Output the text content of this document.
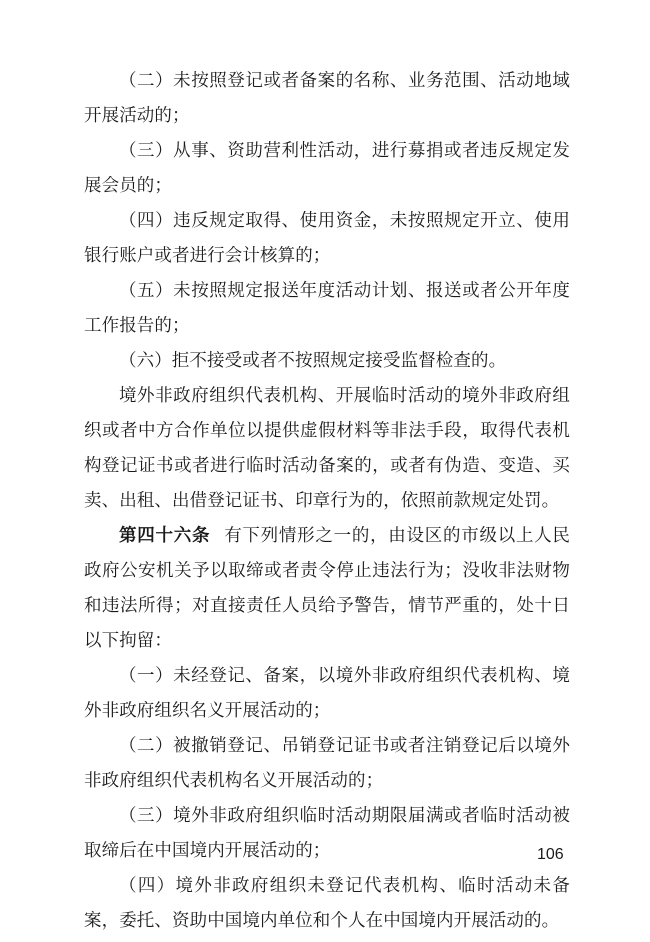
（二）未按照登记或者备案的名称、业务范围、活动地域开展活动的；

（三）从事、资助营利性活动，进行募捐或者违反规定发展会员的；

（四）违反规定取得、使用资金，未按照规定开立、使用银行账户或者进行会计核算的；

（五）未按照规定报送年度活动计划、报送或者公开年度工作报告的；

（六）拒不接受或者不按照规定接受监督检查的。

境外非政府组织代表机构、开展临时活动的境外非政府组织或者中方合作单位以提供虚假材料等非法手段，取得代表机构登记证书或者进行临时活动备案的，或者有伪造、变造、买卖、出租、出借登记证书、印章行为的，依照前款规定处罚。

第四十六条 有下列情形之一的，由设区的市级以上人民政府公安机关予以取缔或者责令停止违法行为；没收非法财物和违法所得；对直接责任人员给予警告，情节严重的，处十日以下拘留：

（一）未经登记、备案，以境外非政府组织代表机构、境外非政府组织名义开展活动的；

（二）被撤销登记、吊销登记证书或者注销登记后以境外非政府组织代表机构名义开展活动的；

（三）境外非政府组织临时活动期限届满或者临时活动被取缔后在中国境内开展活动的；

（四）境外非政府组织未登记代表机构、临时活动未备案，委托、资助中国境内单位和个人在中国境内开展活动的。

106
